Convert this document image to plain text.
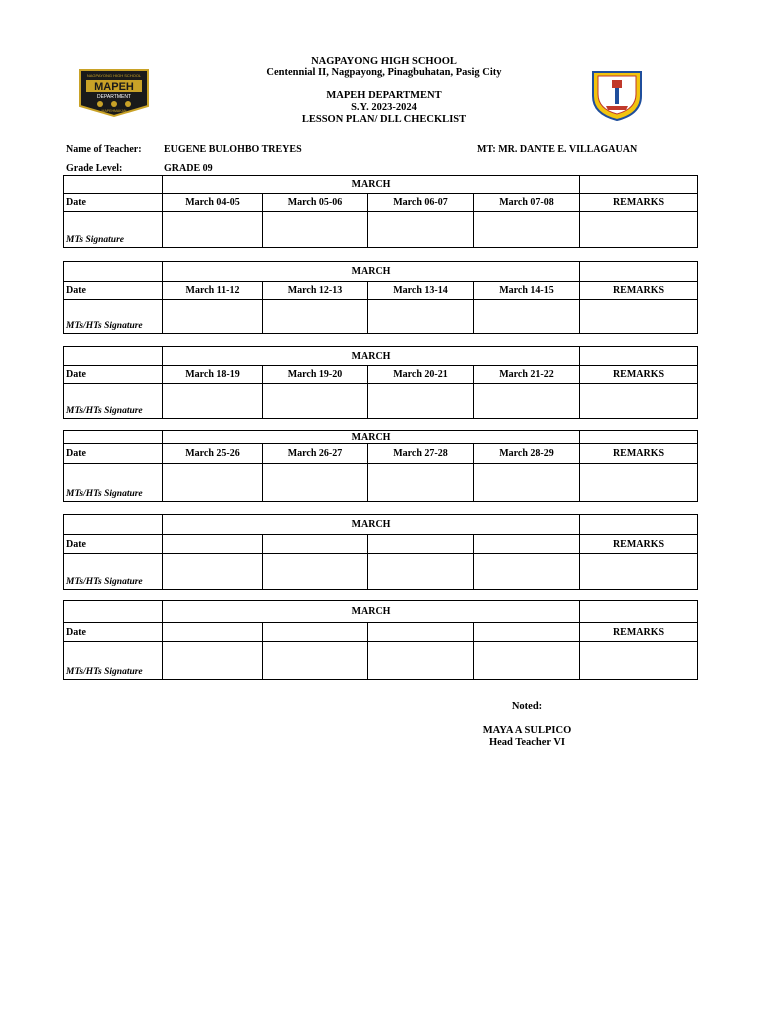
NAGPAYONG HIGH SCHOOL
Centennial II, Nagpayong, Pinagbuhatan, Pasig City
MAPEH DEPARTMENT
S.Y. 2023-2024
LESSON PLAN/ DLL CHECKLIST
NAGPAYONG HIGH SCHOOL
MAPEH
DEPARTMENT
MAPEHMAKAN
Name of Teacher: EUGENE BULOHBO TREYES	MT: MR. DANTE E. VILLAGAUAN
Grade Level:	GRADE 09
	MARCH				
Date	March 04-05	March 05-06	March 06-07	March 07-08	REMARKS
MTs Signature					
	MARCH				
Date	March 11-12	March 12-13	March 13-14	March 14-15	REMARKS
MTs/HTs Signature					
	MARCH				
Date	March 18-19	March 19-20	March 20-21	March 21-22	REMARKS
MTs/HTs Signature					
	MARCH				
Date	March 25-26	March 26-27	March 27-28	March 28-29	REMARKS
MTs/HTs Signature					
	MARCH				
Date					REMARKS
MTs/HTs Signature					
	MARCH				
Date					REMARKS
MTs/HTs Signature					
Noted:
MAYA A SULPICO
Head Teacher VI
